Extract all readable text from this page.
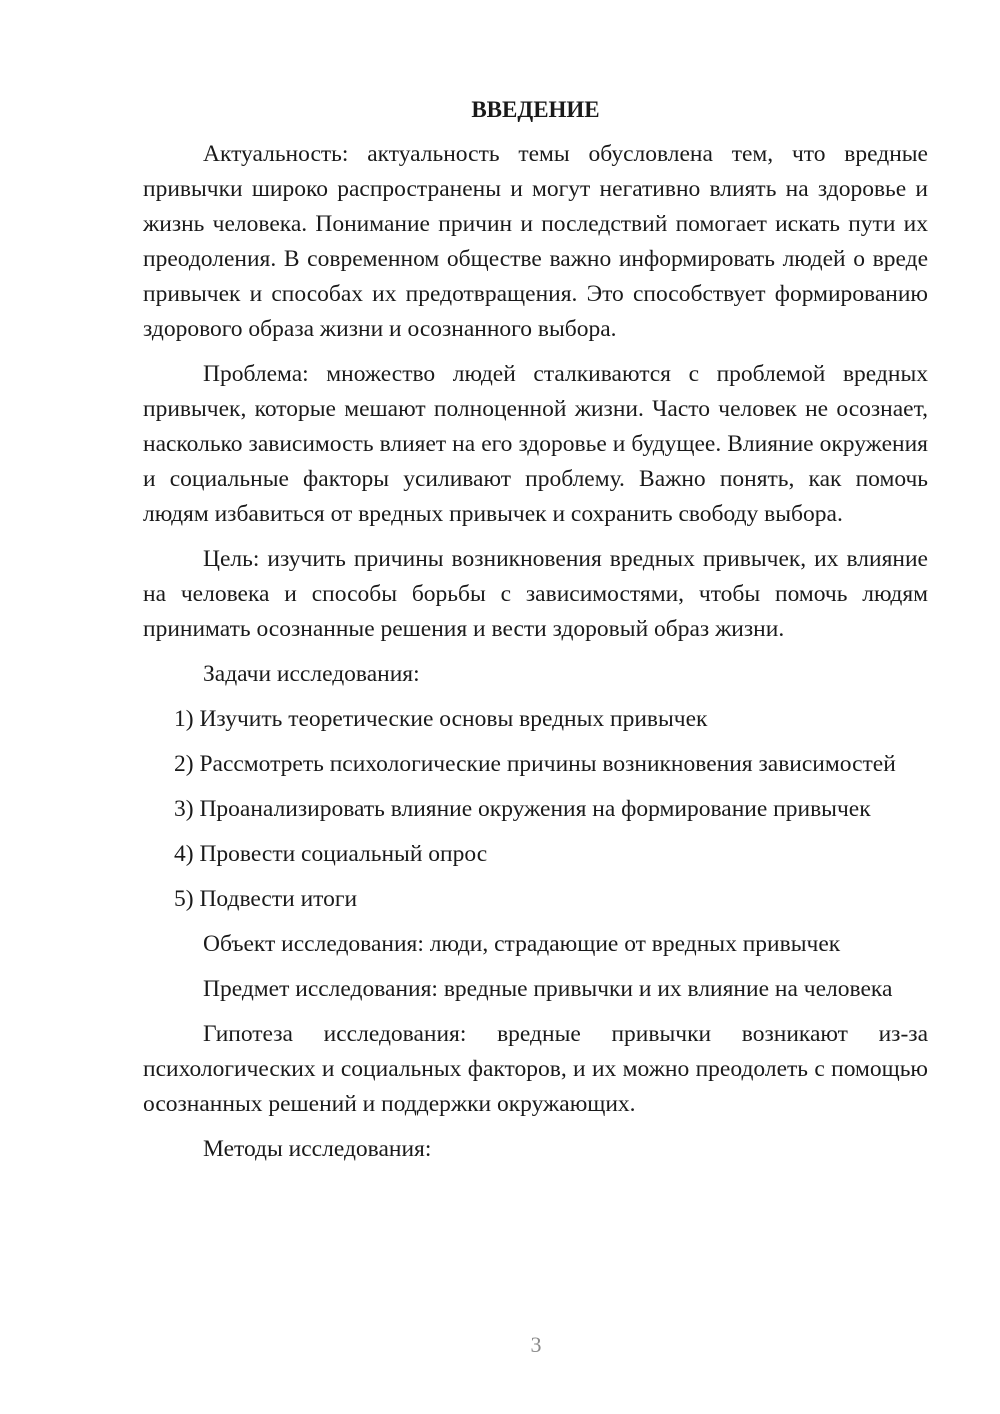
ВВЕДЕНИЕ

Актуальность: актуальность темы обусловлена тем, что вредные привычки широко распространены и могут негативно влиять на здоровье и жизнь человека. Понимание причин и последствий помогает искать пути их преодоления. В современном обществе важно информировать людей о вреде привычек и способах их предотвращения. Это способствует формированию здорового образа жизни и осознанного выбора.

Проблема: множество людей сталкиваются с проблемой вредных привычек, которые мешают полноценной жизни. Часто человек не осознает, насколько зависимость влияет на его здоровье и будущее. Влияние окружения и социальные факторы усиливают проблему. Важно понять, как помочь людям избавиться от вредных привычек и сохранить свободу выбора.

Цель: изучить причины возникновения вредных привычек, их влияние на человека и способы борьбы с зависимостями, чтобы помочь людям принимать осознанные решения и вести здоровый образ жизни.

Задачи исследования:

1) Изучить теоретические основы вредных привычек

2) Рассмотреть психологические причины возникновения зависимостей

3) Проанализировать влияние окружения на формирование привычек

4) Провести социальный опрос

5) Подвести итоги

Объект исследования: люди, страдающие от вредных привычек

Предмет исследования: вредные привычки и их влияние на человека

Гипотеза исследования: вредные привычки возникают из-за психологических и социальных факторов, и их можно преодолеть с помощью осознанных решений и поддержки окружающих.

Методы исследования:

3
